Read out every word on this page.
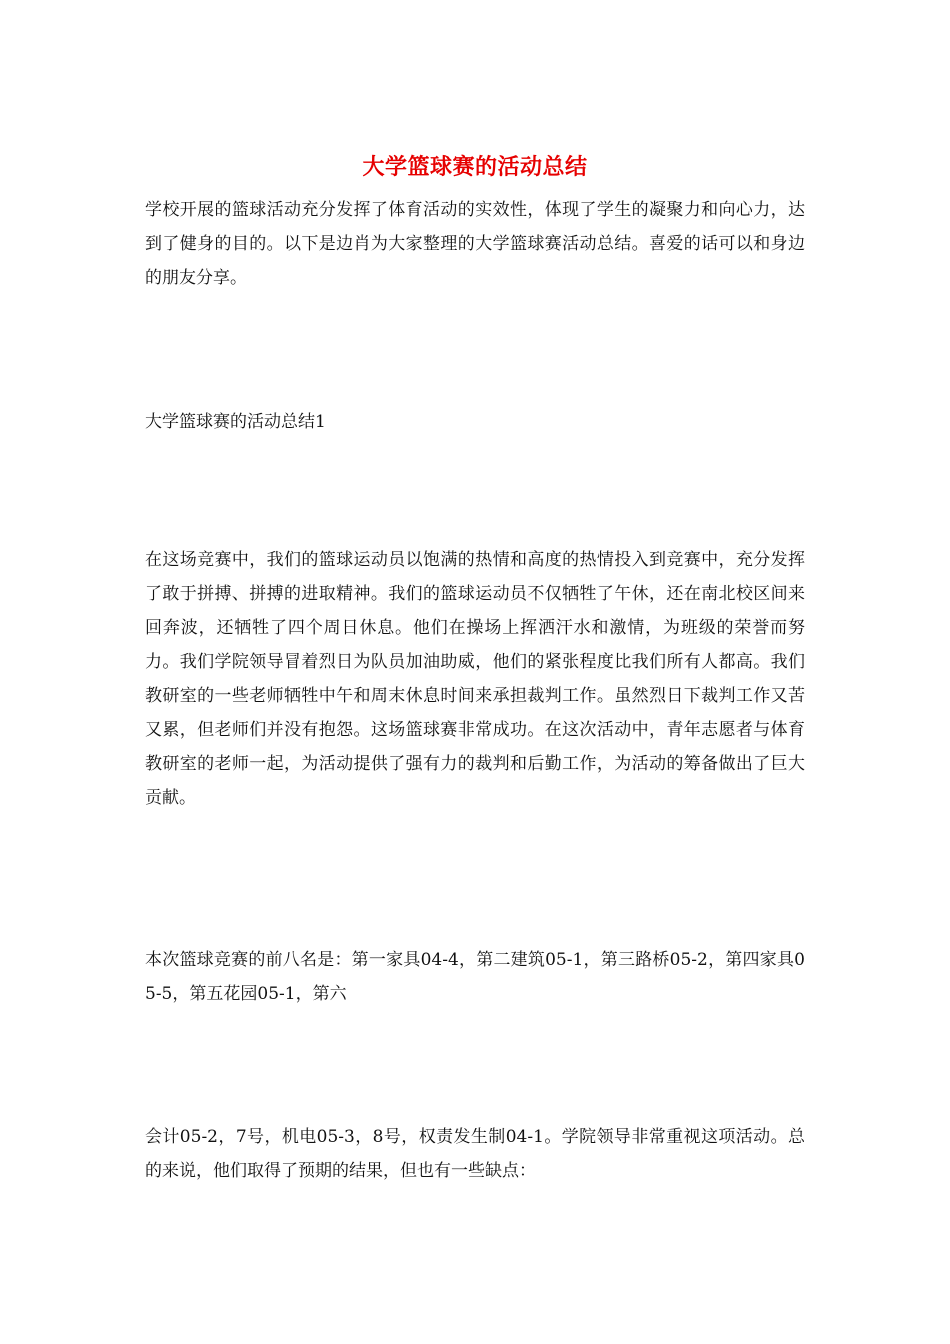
大学篮球赛的活动总结

学校开展的篮球活动充分发挥了体育活动的实效性，体现了学生的凝聚力和向心力，达到了健身的目的。以下是边肖为大家整理的大学篮球赛活动总结。喜爱的话可以和身边的朋友分享。

大学篮球赛的活动总结1

在这场竞赛中，我们的篮球运动员以饱满的热情和高度的热情投入到竞赛中，充分发挥了敢于拼搏、拼搏的进取精神。我们的篮球运动员不仅牺牲了午休，还在南北校区间来回奔波，还牺牲了四个周日休息。他们在操场上挥洒汗水和激情，为班级的荣誉而努力。我们学院领导冒着烈日为队员加油助威，他们的紧张程度比我们所有人都高。我们教研室的一些老师牺牲中午和周末休息时间来承担裁判工作。虽然烈日下裁判工作又苦又累，但老师们并没有抱怨。这场篮球赛非常成功。在这次活动中，青年志愿者与体育教研室的老师一起，为活动提供了强有力的裁判和后勤工作，为活动的筹备做出了巨大贡献。

本次篮球竞赛的前八名是：第一家具04-4，第二建筑05-1，第三路桥05-2，第四家具05-5，第五花园05-1，第六

会计05-2，7号，机电05-3，8号，权责发生制04-1。学院领导非常重视这项活动。总的来说，他们取得了预期的结果，但也有一些缺点：
